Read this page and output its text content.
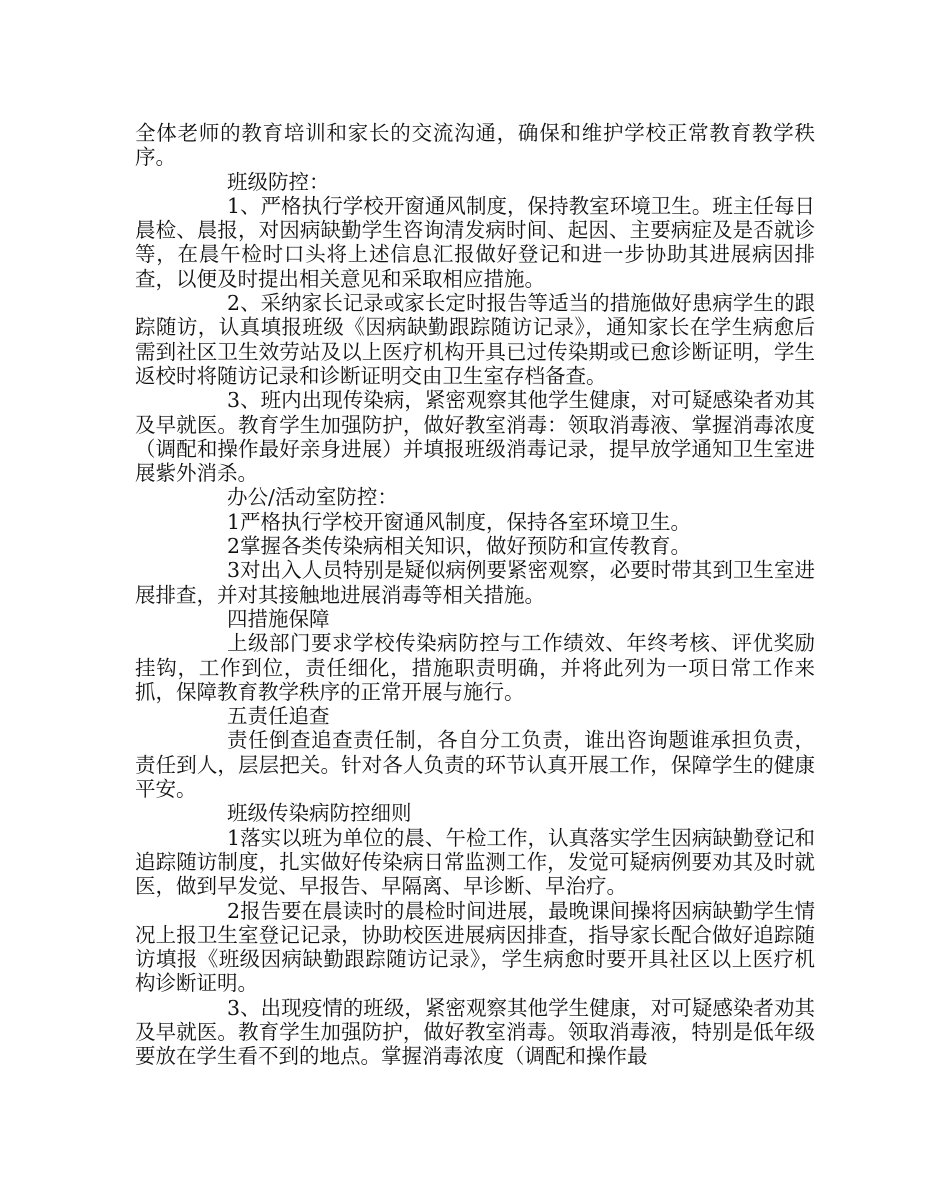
全体老师的教育培训和家长的交流沟通，确保和维护学校正常教育教学秩序。

班级防控：

1、严格执行学校开窗通风制度，保持教室环境卫生。班主任每日晨检、晨报，对因病缺勤学生咨询清发病时间、起因、主要病症及是否就诊等，在晨午检时口头将上述信息汇报做好登记和进一步协助其进展病因排查，以便及时提出相关意见和采取相应措施。

2、采纳家长记录或家长定时报告等适当的措施做好患病学生的跟踪随访，认真填报班级《因病缺勤跟踪随访记录》，通知家长在学生病愈后需到社区卫生效劳站及以上医疗机构开具已过传染期或已愈诊断证明，学生返校时将随访记录和诊断证明交由卫生室存档备查。

3、班内出现传染病，紧密观察其他学生健康，对可疑感染者劝其及早就医。教育学生加强防护，做好教室消毒：领取消毒液、掌握消毒浓度（调配和操作最好亲身进展）并填报班级消毒记录，提早放学通知卫生室进展紫外消杀。

办公/活动室防控：

1严格执行学校开窗通风制度，保持各室环境卫生。

2掌握各类传染病相关知识，做好预防和宣传教育。

3对出入人员特别是疑似病例要紧密观察，必要时带其到卫生室进展排查，并对其接触地进展消毒等相关措施。

四措施保障

上级部门要求学校传染病防控与工作绩效、年终考核、评优奖励挂钩，工作到位，责任细化，措施职责明确，并将此列为一项日常工作来抓，保障教育教学秩序的正常开展与施行。

五责任追查

责任倒查追查责任制，各自分工负责，谁出咨询题谁承担负责，责任到人，层层把关。针对各人负责的环节认真开展工作，保障学生的健康平安。

班级传染病防控细则

1落实以班为单位的晨、午检工作，认真落实学生因病缺勤登记和追踪随访制度，扎实做好传染病日常监测工作，发觉可疑病例要劝其及时就医，做到早发觉、早报告、早隔离、早诊断、早治疗。

2报告要在晨读时的晨检时间进展，最晚课间操将因病缺勤学生情况上报卫生室登记记录，协助校医进展病因排查，指导家长配合做好追踪随访填报《班级因病缺勤跟踪随访记录》，学生病愈时要开具社区以上医疗机构诊断证明。

3、出现疫情的班级，紧密观察其他学生健康，对可疑感染者劝其及早就医。教育学生加强防护，做好教室消毒。领取消毒液，特别是低年级要放在学生看不到的地点。掌握消毒浓度（调配和操作最
